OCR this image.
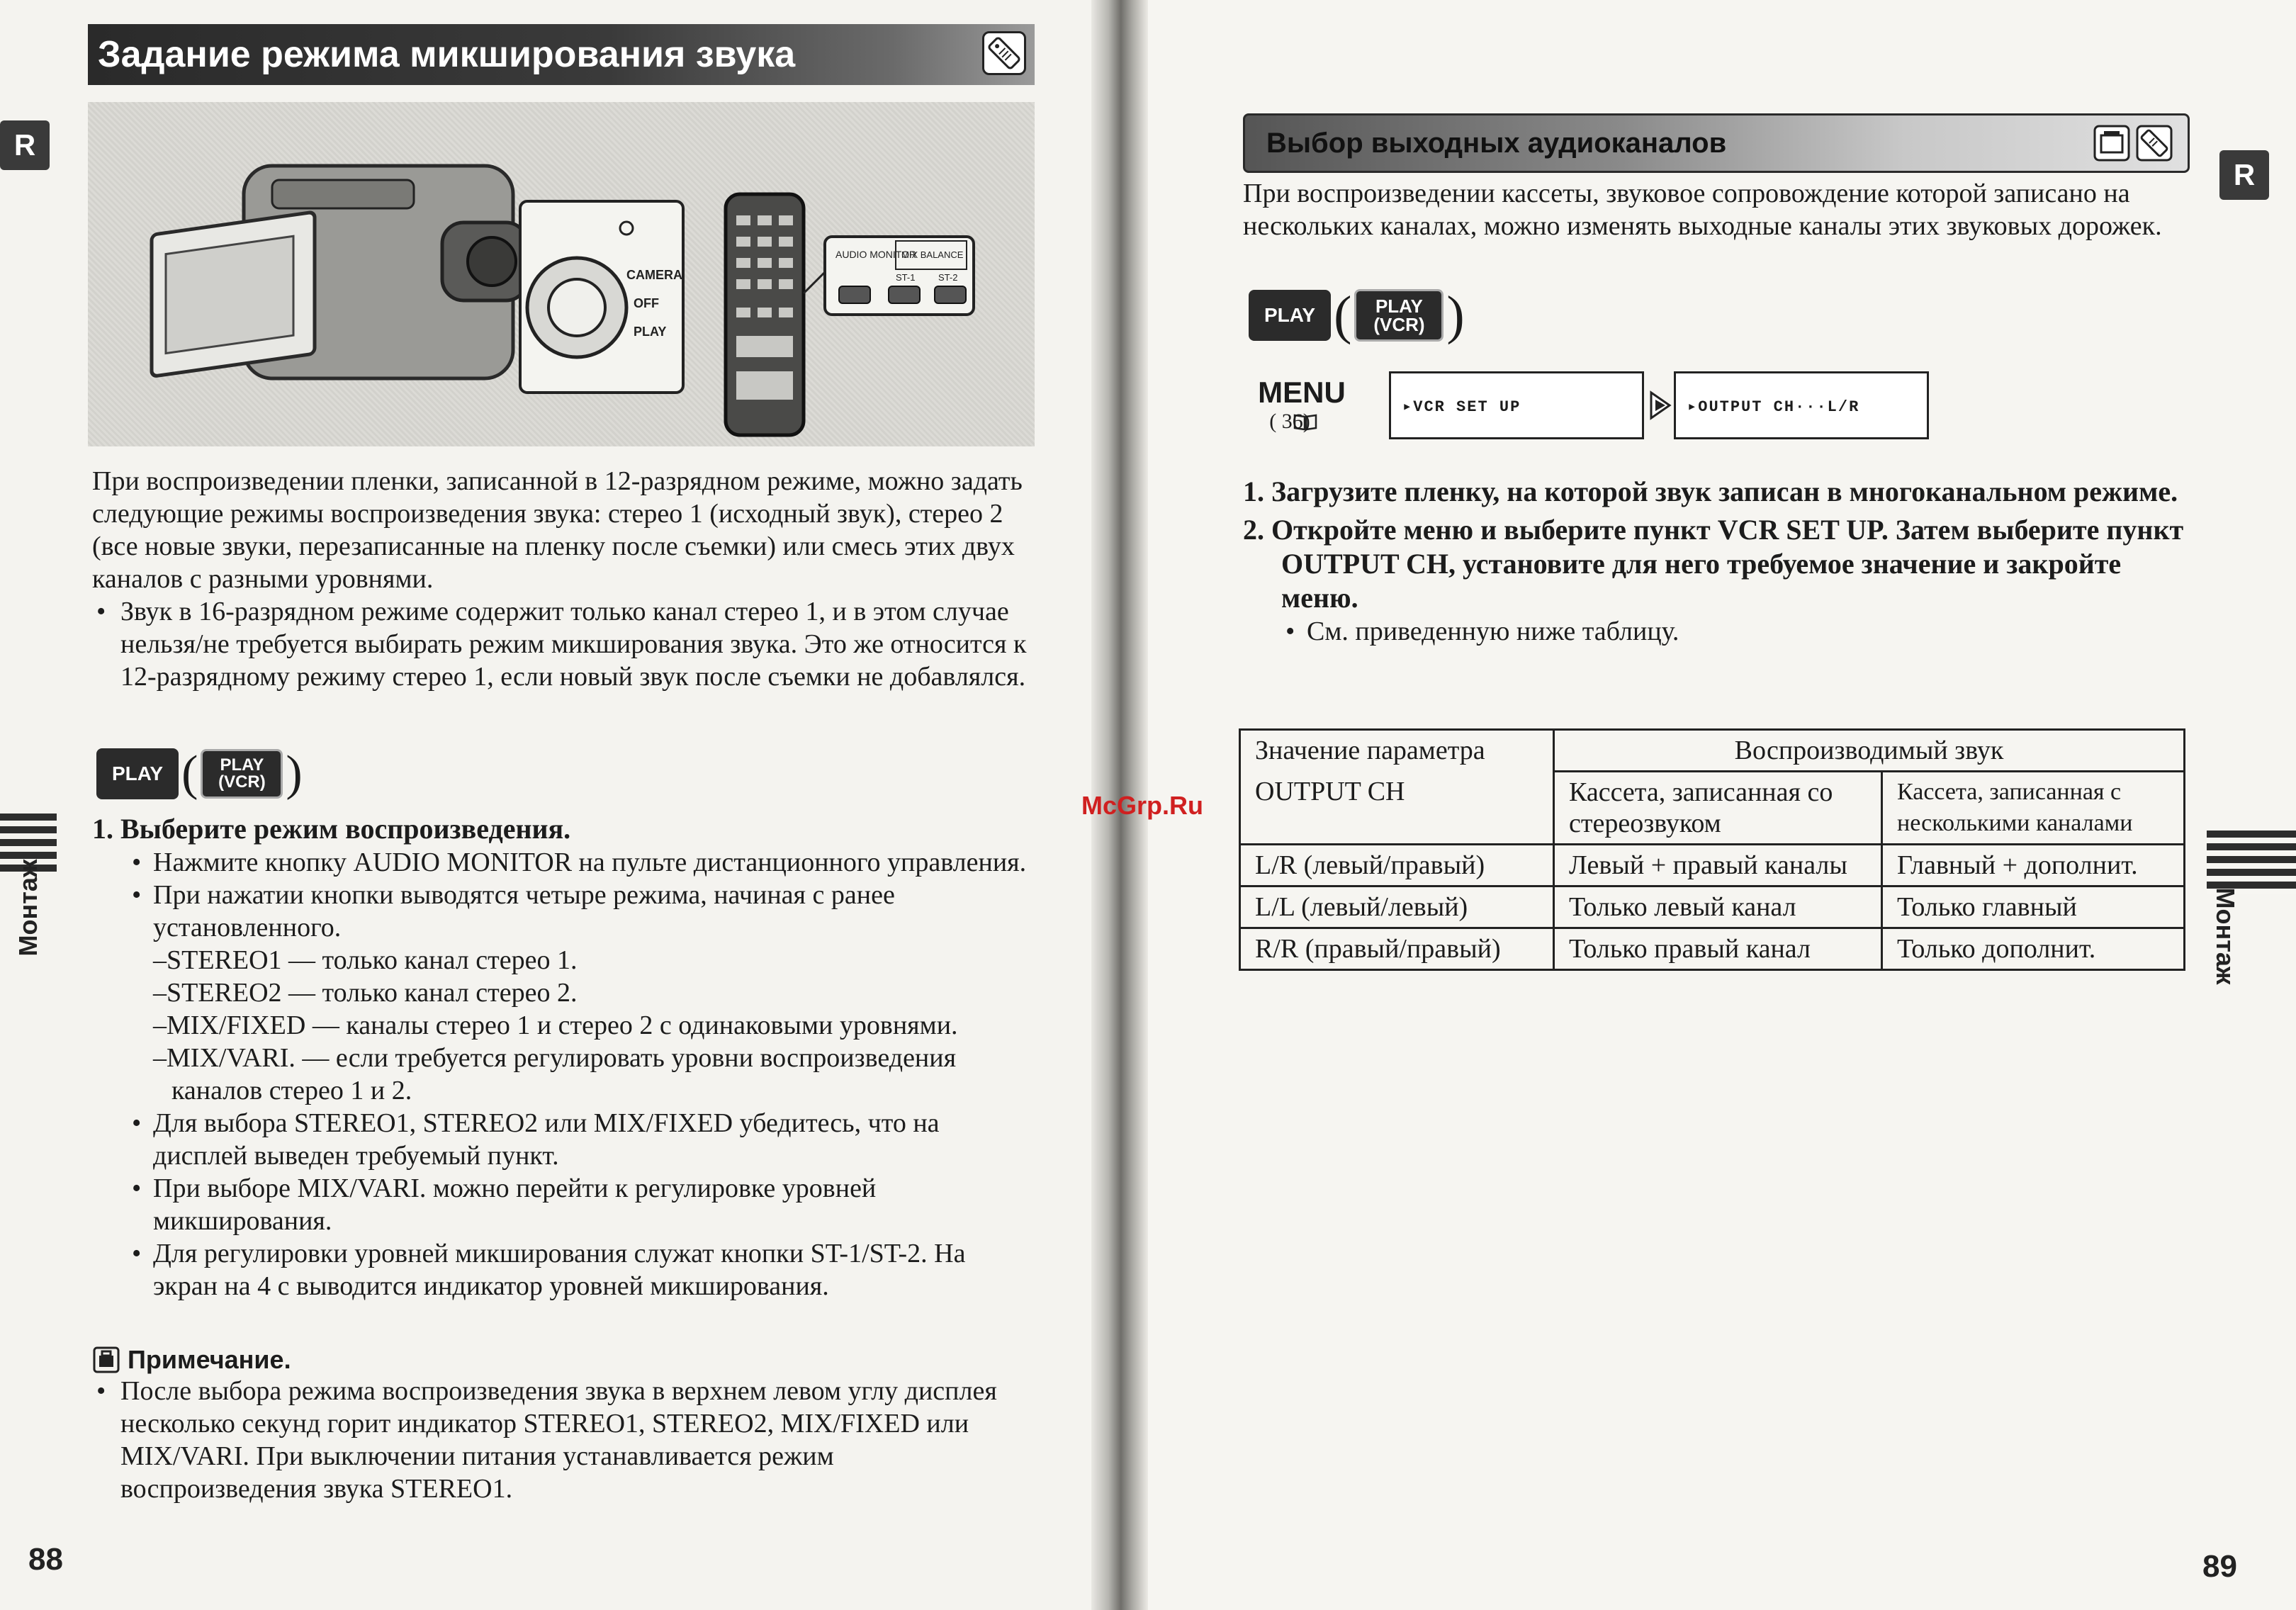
Задание режима микширования звука
R
CAMERA
OFF
PLAY
AUDIO MONITOR
MIX BALANCE
ST-1	ST-2
При воспроизведении пленки, записанной в 12-разрядном режиме, можно задать следующие режимы воспроизведения звука: стерео 1 (исходный звук), стерео 2 (все новые звуки, перезаписанные на пленку после съемки) или смесь этих двух каналов с разными уровнями.
• Звук в 16-разрядном режиме содержит только канал стерео 1, и в этом случае нельзя/не требуется выбирать режим микширования звука. Это же относится к 12-разрядному режиму стерео 1, если новый звук после съемки не добавлялся.
PLAY (	PLAY (VCR) )
1. Выберите режим воспроизведения.
• Нажмите кнопку AUDIO MONITOR на пульте дистанционного управления.
• При нажатии кнопки выводятся четыре режима, начиная с ранее установленного.
–STEREO1 — только канал стерео 1.
–STEREO2 — только канал стерео 2.
–MIX/FIXED — каналы стерео 1 и стерео 2 с одинаковыми уровнями.
–MIX/VARI. — если требуется регулировать уровни воспроизведения каналов стерео 1 и 2.
• Для выбора STEREO1, STEREO2 или MIX/FIXED убедитесь, что на дисплей выведен требуемый пункт.
• При выборе MIX/VARI. можно перейти к регулировке уровней микширования.
• Для регулировки уровней микширования служат кнопки ST-1/ST-2. На экран на 4 с выводится индикатор уровней микширования.
Примечание.
• После выбора режима воспроизведения звука в верхнем левом углу дисплея несколько секунд горит индикатор STEREO1, STEREO2, MIX/FIXED или MIX/VARI. При выключении питания устанавливается режим воспроизведения звука STEREO1.
Монтаж
88
McGrp.Ru
R
Выбор выходных аудиоканалов
При воспроизведении кассеты, звуковое сопровождение которой записано на нескольких каналах, можно изменять выходные каналы этих звуковых дорожек.
PLAY (	PLAY (VCR) )
MENU
( 36)
▸VCR SET UP	▸OUTPUT CH···L/R
1. Загрузите пленку, на которой звук записан в многоканальном режиме.
2. Откройте меню и выберите пункт VCR SET UP. Затем выберите пункт OUTPUT CH, установите для него требуемое значение и закройте меню.
• См. приведенную ниже таблицу.
Значение параметра
OUTPUT CH	Воспроизводимый звук	
	Кассета, записанная со стереозвуком	Кассета, записанная с несколькими каналами
L/R (левый/правый)	Левый + правый каналы	Главный + дополнит.
L/L (левый/левый)	Только левый канал	Только главный
R/R (правый/правый)	Только правый канал	Только дополнит.	Монтаж
89
